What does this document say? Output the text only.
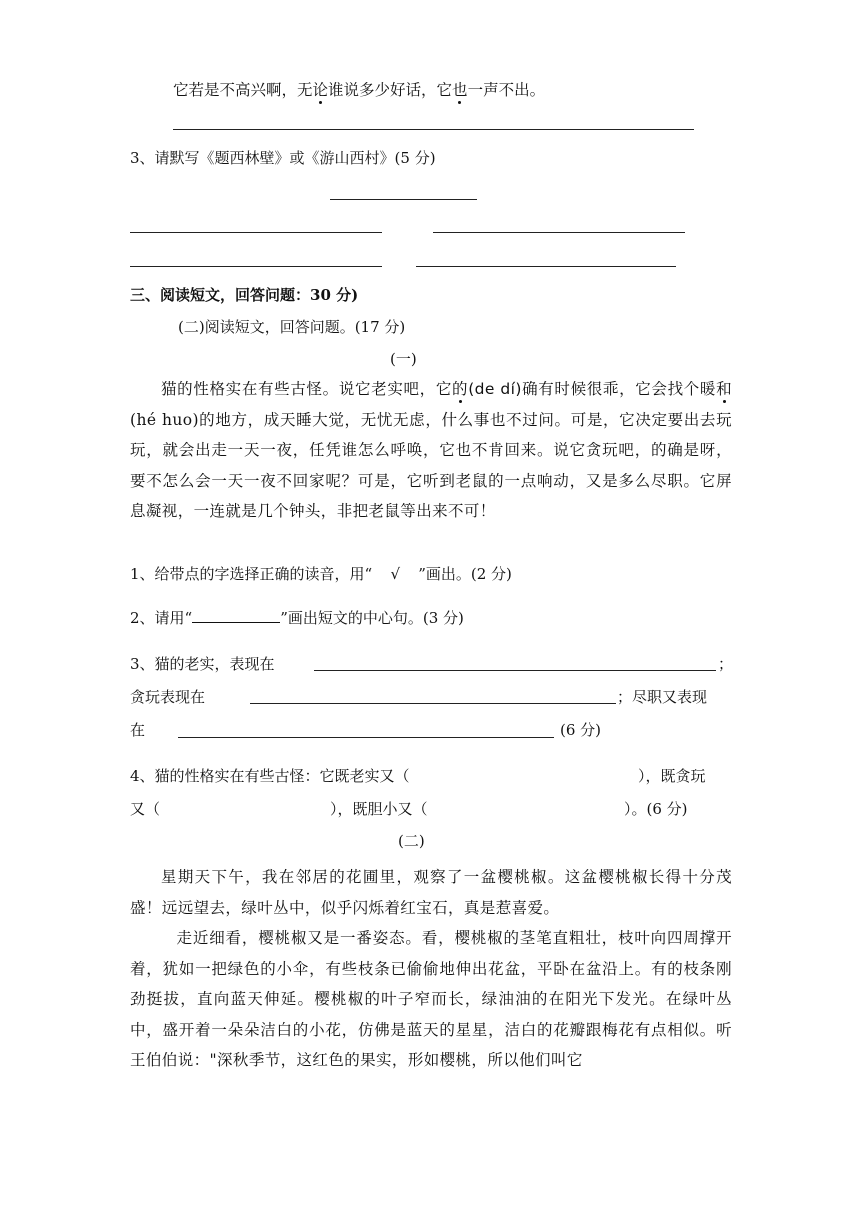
它若是不高兴啊，无论谁说多少好话，它也一声不出。
3、请默写《题西林壁》或《游山西村》(5 分)
三、阅读短文，回答问题：30 分)
(二)阅读短文，回答问题。(17 分)
(一)

猫的性格实在有些古怪。说它老实吧，它的(de dí)确有时候很乖，它会找个暖和(hé huo)的地方，成天睡大觉，无忧无虑，什么事也不过问。可是，它决定要出去玩玩，就会出走一天一夜，任凭谁怎么呼唤，它也不肯回来。说它贪玩吧，的确是呀，要不怎么会一天一夜不回家呢？可是，它听到老鼠的一点响动，又是多么尽职。它屏息凝视，一连就是几个钟头，非把老鼠等出来不可！

1、给带点的字选择正确的读音，用“ √ ”画出。(2 分)
2、请用“	”画出短文的中心句。(3 分)
3、猫的老实，表现在	；
贪玩表现在	；尽职又表现
在	(6 分)
4、猫的性格实在有些古怪：它既老实又（	），既贪玩
又（	），既胆小又（	）。(6 分)
(二)

星期天下午，我在邻居的花圃里，观察了一盆樱桃椒。这盆樱桃椒长得十分茂盛！远远望去，绿叶丛中，似乎闪烁着红宝石，真是惹喜爱。

走近细看，樱桃椒又是一番姿态。看，樱桃椒的茎笔直粗壮，枝叶向四周撑开着，犹如一把绿色的小伞，有些枝条已偷偷地伸出花盆，平卧在盆沿上。有的枝条刚劲挺拔，直向蓝天伸延。樱桃椒的叶子窄而长，绿油油的在阳光下发光。在绿叶丛中，盛开着一朵朵洁白的小花，仿佛是蓝天的星星，洁白的花瓣跟梅花有点相似。听王伯伯说："深秋季节，这红色的果实，形如樱桃，所以他们叫它
